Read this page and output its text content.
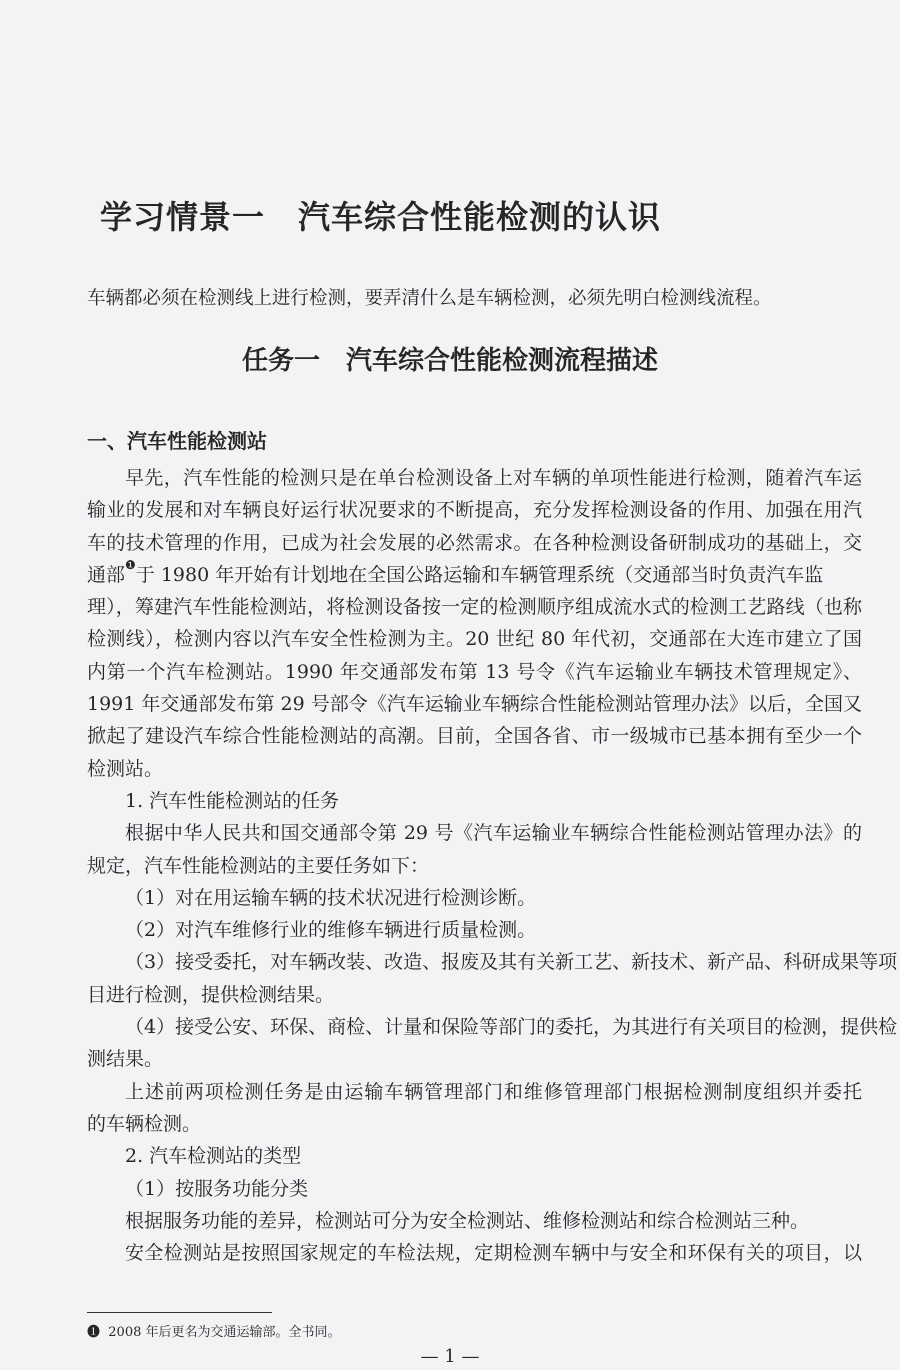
学习情景一　汽车综合性能检测的认识
车辆都必须在检测线上进行检测，要弄清什么是车辆检测，必须先明白检测线流程。
任务一　汽车综合性能检测流程描述
一、汽车性能检测站
早先，汽车性能的检测只是在单台检测设备上对车辆的单项性能进行检测，随着汽车运
输业的发展和对车辆良好运行状况要求的不断提高，充分发挥检测设备的作用、加强在用汽
车的技术管理的作用，已成为社会发展的必然需求。在各种检测设备研制成功的基础上，交
通部$^❶$于 1980 年开始有计划地在全国公路运输和车辆管理系统（交通部当时负责汽车监
理），筹建汽车性能检测站，将检测设备按一定的检测顺序组成流水式的检测工艺路线（也称
检测线），检测内容以汽车安全性检测为主。20 世纪 80 年代初，交通部在大连市建立了国
内第一个汽车检测站。1990 年交通部发布第 13 号令《汽车运输业车辆技术管理规定》、
1991 年交通部发布第 29 号部令《汽车运输业车辆综合性能检测站管理办法》以后，全国又
掀起了建设汽车综合性能检测站的高潮。目前，全国各省、市一级城市已基本拥有至少一个
检测站。
1. 汽车性能检测站的任务
根据中华人民共和国交通部令第 29 号《汽车运输业车辆综合性能检测站管理办法》的
规定，汽车性能检测站的主要任务如下：
（1）对在用运输车辆的技术状况进行检测诊断。
（2）对汽车维修行业的维修车辆进行质量检测。
（3）接受委托，对车辆改装、改造、报废及其有关新工艺、新技术、新产品、科研成果等项
目进行检测，提供检测结果。
（4）接受公安、环保、商检、计量和保险等部门的委托，为其进行有关项目的检测，提供检
测结果。
上述前两项检测任务是由运输车辆管理部门和维修管理部门根据检测制度组织并委托
的车辆检测。
2. 汽车检测站的类型
（1）按服务功能分类
根据服务功能的差异，检测站可分为安全检测站、维修检测站和综合检测站三种。
安全检测站是按照国家规定的车检法规，定期检测车辆中与安全和环保有关的项目，以
❶ 2008 年后更名为交通运输部。全书同。
— 1 —
